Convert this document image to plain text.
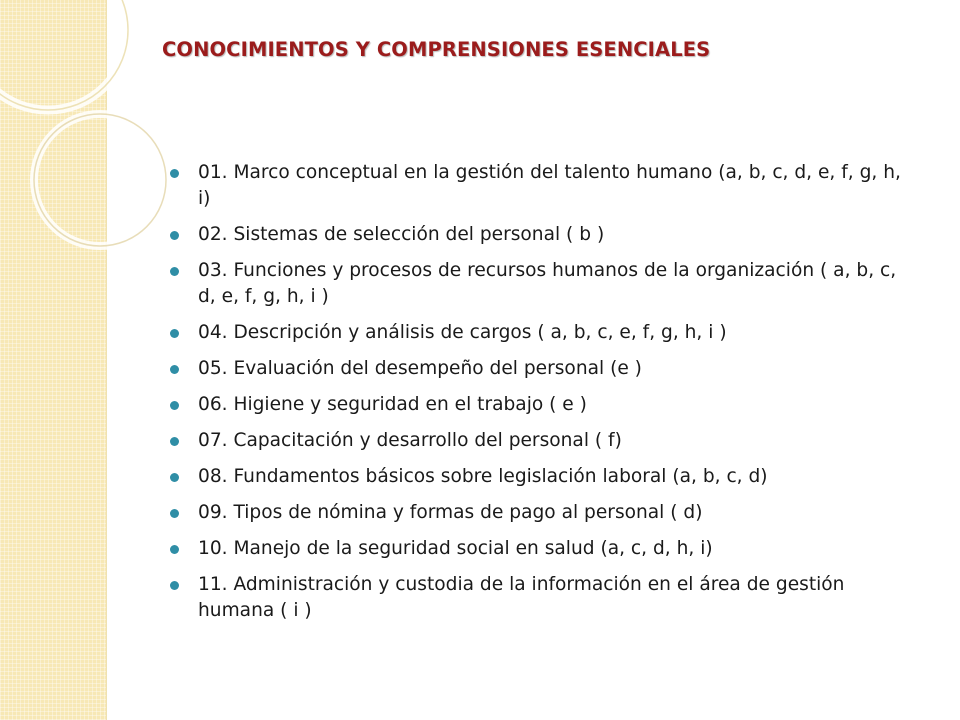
CONOCIMIENTOS Y COMPRENSIONES ESENCIALES
01. Marco conceptual en la gestión del talento humano (a, b, c, d, e, f, g, h, i)
02. Sistemas de selección del personal ( b )
03. Funciones y procesos de recursos humanos de la organización ( a, b, c, d, e, f, g, h, i )
04. Descripción y análisis de cargos ( a, b, c, e, f, g, h, i )
05. Evaluación del desempeño del personal (e )
06. Higiene y seguridad en el trabajo ( e )
07. Capacitación y desarrollo del personal ( f)
08. Fundamentos básicos sobre legislación laboral (a, b, c, d)
09. Tipos de nómina y formas de pago al personal ( d)
10. Manejo de la seguridad social en salud (a, c, d, h, i)
11. Administración y custodia de la información en el área de gestión humana ( i )
